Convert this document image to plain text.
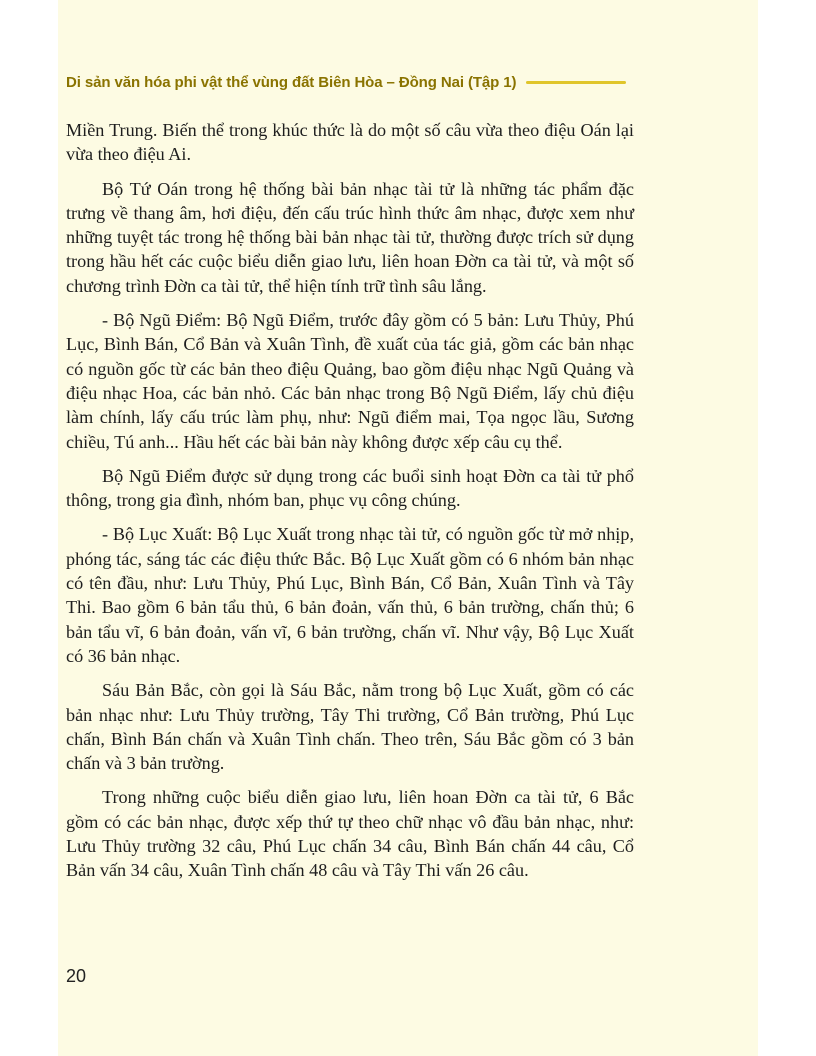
Di sản văn hóa phi vật thể vùng đất Biên Hòa – Đồng Nai (Tập 1)

Miền Trung. Biến thể trong khúc thức là do một số câu vừa theo điệu Oán lại vừa theo điệu Ai.

Bộ Tứ Oán trong hệ thống bài bản nhạc tài tử là những tác phẩm đặc trưng về thang âm, hơi điệu, đến cấu trúc hình thức âm nhạc, được xem như những tuyệt tác trong hệ thống bài bản nhạc tài tử, thường được trích sử dụng trong hầu hết các cuộc biểu diễn giao lưu, liên hoan Đờn ca tài tử, và một số chương trình Đờn ca tài tử, thể hiện tính trữ tình sâu lắng.

- Bộ Ngũ Điểm: Bộ Ngũ Điểm, trước đây gồm có 5 bản: Lưu Thủy, Phú Lục, Bình Bán, Cổ Bản và Xuân Tình, đề xuất của tác giả, gồm các bản nhạc có nguồn gốc từ các bản theo điệu Quảng, bao gồm điệu nhạc Ngũ Quảng và điệu nhạc Hoa, các bản nhỏ. Các bản nhạc trong Bộ Ngũ Điểm, lấy chủ điệu làm chính, lấy cấu trúc làm phụ, như: Ngũ điểm mai, Tọa ngọc lầu, Sương chiều, Tú anh... Hầu hết các bài bản này không được xếp câu cụ thể.

Bộ Ngũ Điểm được sử dụng trong các buổi sinh hoạt Đờn ca tài tử phổ thông, trong gia đình, nhóm ban, phục vụ công chúng.

- Bộ Lục Xuất: Bộ Lục Xuất trong nhạc tài tử, có nguồn gốc từ mở nhịp, phóng tác, sáng tác các điệu thức Bắc. Bộ Lục Xuất gồm có 6 nhóm bản nhạc có tên đầu, như: Lưu Thủy, Phú Lục, Bình Bán, Cổ Bản, Xuân Tình và Tây Thi. Bao gồm 6 bản tẩu thủ, 6 bản đoản, vấn thủ, 6 bản trường, chấn thủ; 6 bản tẩu vĩ, 6 bản đoản, vấn vĩ, 6 bản trường, chấn vĩ. Như vậy, Bộ Lục Xuất có 36 bản nhạc.

Sáu Bản Bắc, còn gọi là Sáu Bắc, nằm trong bộ Lục Xuất, gồm có các bản nhạc như: Lưu Thủy trường, Tây Thi trường, Cổ Bản trường, Phú Lục chấn, Bình Bán chấn và Xuân Tình chấn. Theo trên, Sáu Bắc gồm có 3 bản chấn và 3 bản trường.

Trong những cuộc biểu diễn giao lưu, liên hoan Đờn ca tài tử, 6 Bắc gồm có các bản nhạc, được xếp thứ tự theo chữ nhạc vô đầu bản nhạc, như: Lưu Thủy trường 32 câu, Phú Lục chấn 34 câu, Bình Bán chấn 44 câu, Cổ Bản vấn 34 câu, Xuân Tình chấn 48 câu và Tây Thi vấn 26 câu.

20
